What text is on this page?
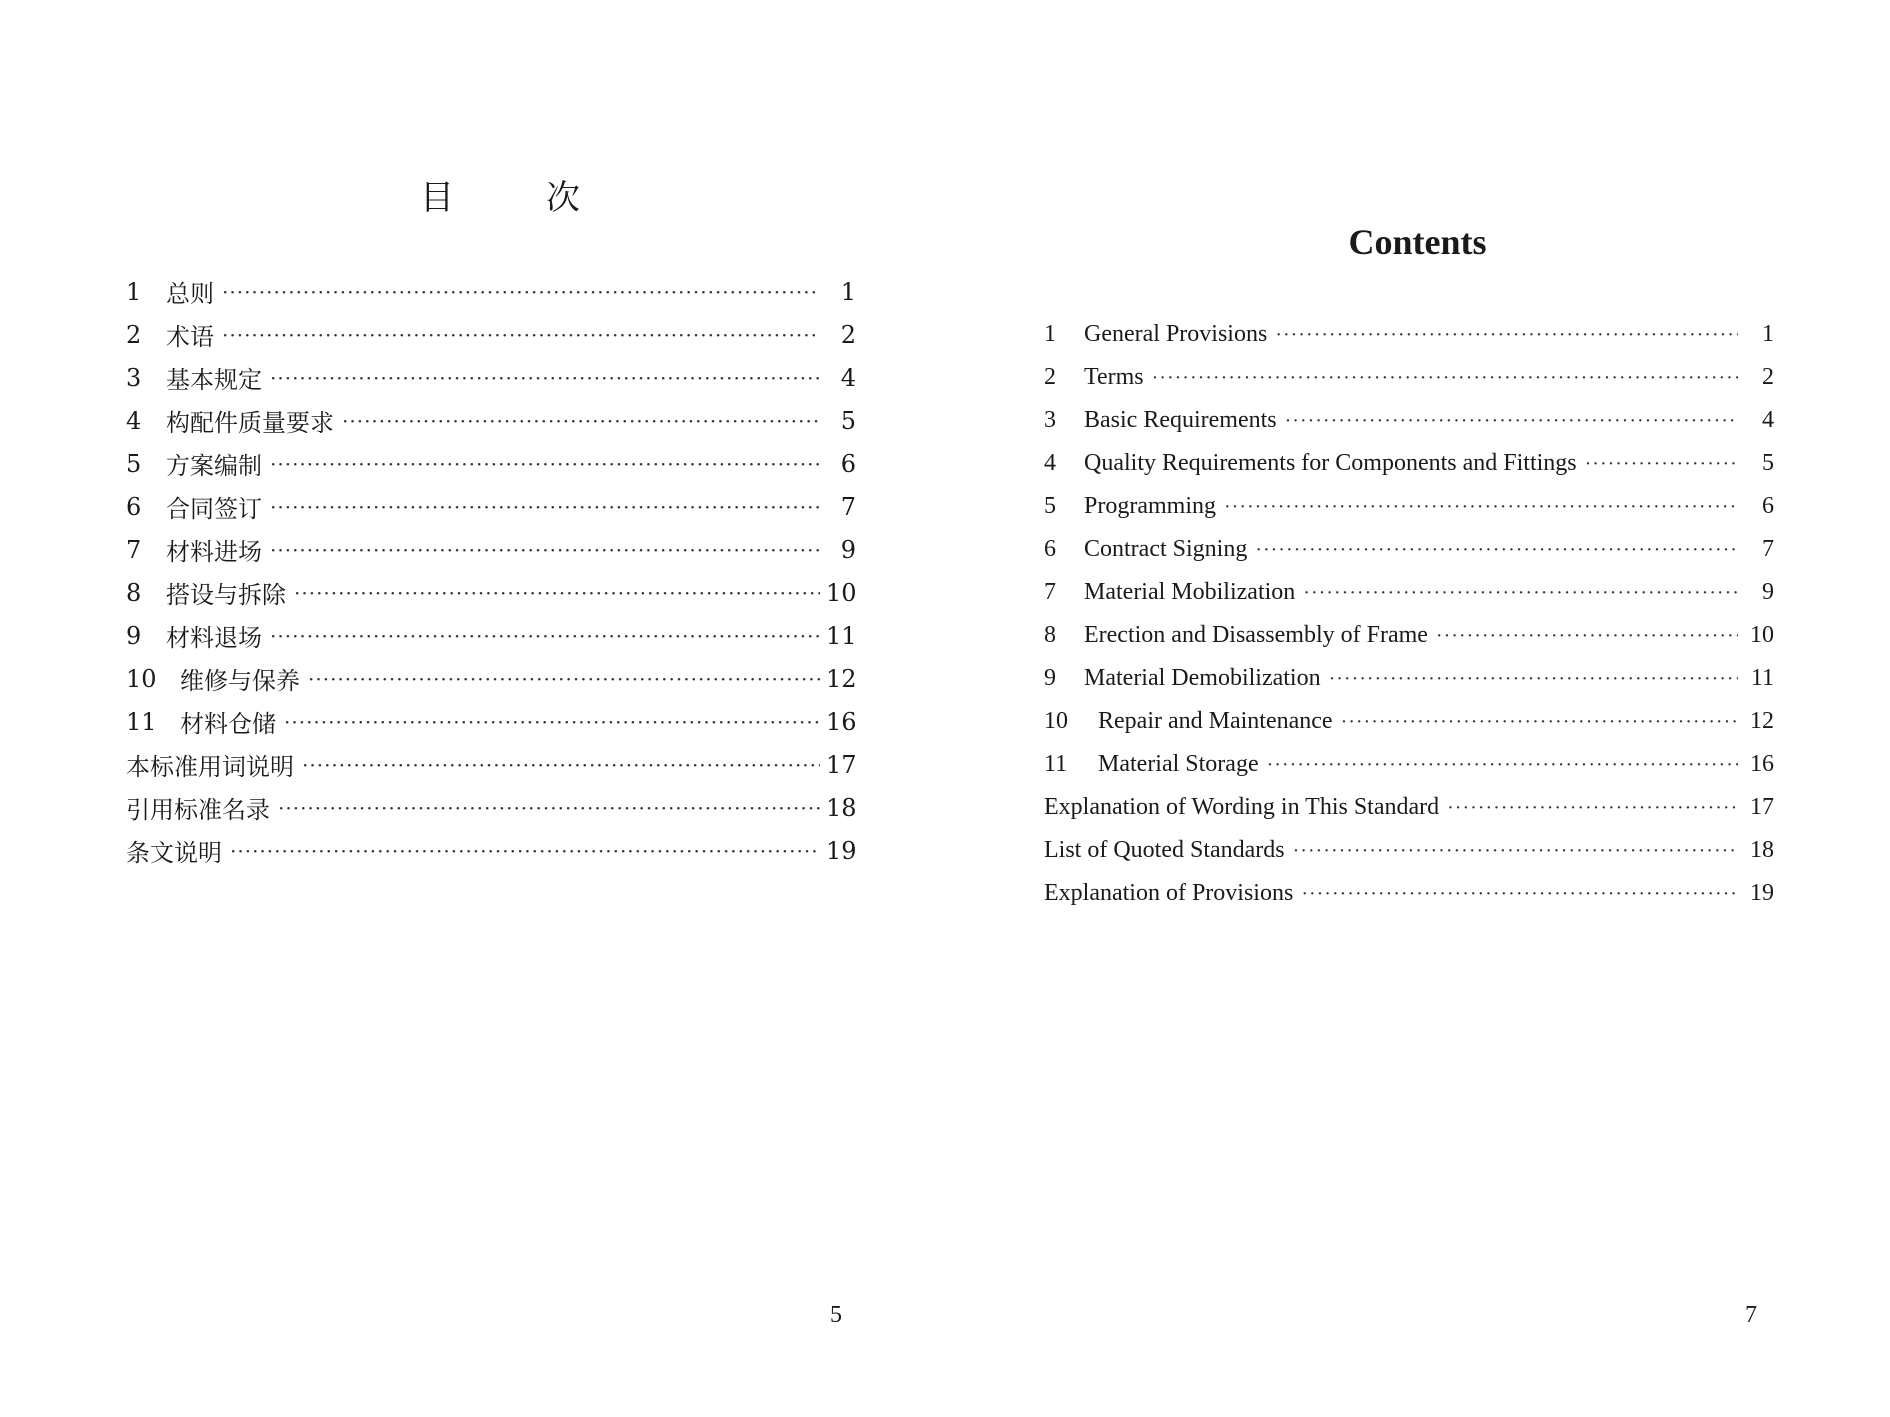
目	次
1	总则 ·····	1
2	术语 ·····	2
3	基本规定 ·····	4
4	构配件质量要求 ·····	5
5	方案编制 ·····	6
6	合同签订 ·····	7
7	材料进场 ·····	9
8	搭设与拆除 ·····	10
9	材料退场 ·····	11
10 维修与保养 ·····	12
11 材料仓储 ·····	16
本标准用词说明 ·····	17
引用标准名录 ·····	18
条文说明 ·····	19
5
Contents
1	General Provisions ·····	1
2	Terms ·····	2
3	Basic Requirements ·····	4
4	Quality Requirements for Components and Fittings ·····	5
5	Programming ·····	6
6	Contract Signing ·····	7
7	Material Mobilization ·····	9
8	Erection and Disassembly of Frame ·····	10
9	Material Demobilization ·····	11
10	Repair and Maintenance ·····	12
11	Material Storage ·····	16
Explanation of Wording in This Standard ·····	17
List of Quoted Standards ·····	18
Explanation of Provisions ·····	19
7
